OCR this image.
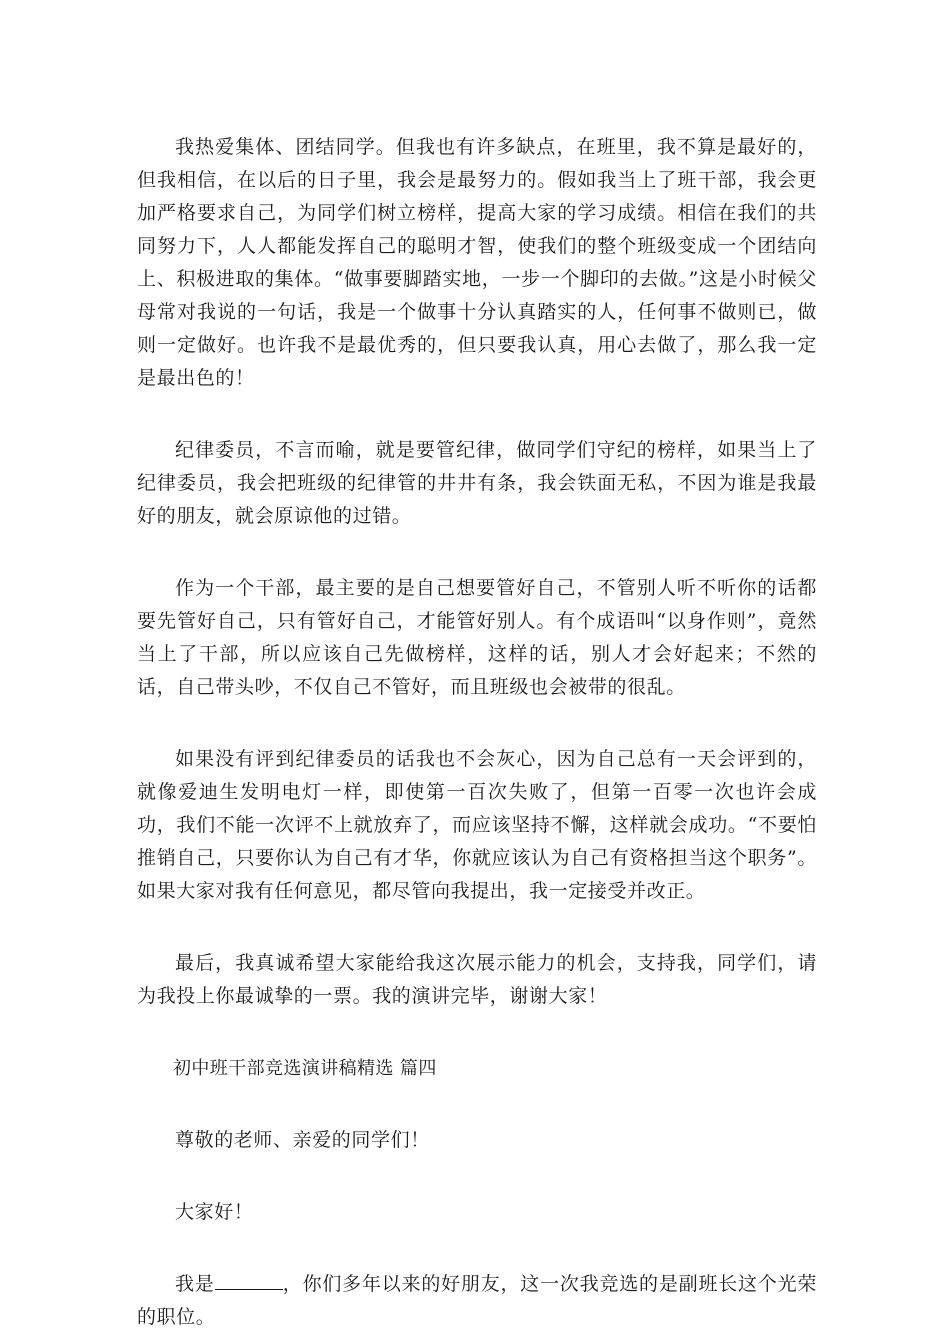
我热爱集体、团结同学。但我也有许多缺点，在班里，我不算是最好的，但我相信，在以后的日子里，我会是最努力的。假如我当上了班干部，我会更加严格要求自己，为同学们树立榜样，提高大家的学习成绩。相信在我们的共同努力下，人人都能发挥自己的聪明才智，使我们的整个班级变成一个团结向上、积极进取的集体。“做事要脚踏实地，一步一个脚印的去做。”这是小时候父母常对我说的一句话，我是一个做事十分认真踏实的人，任何事不做则已，做则一定做好。也许我不是最优秀的，但只要我认真，用心去做了，那么我一定是最出色的！

纪律委员，不言而喻，就是要管纪律，做同学们守纪的榜样，如果当上了纪律委员，我会把班级的纪律管的井井有条，我会铁面无私，不因为谁是我最好的朋友，就会原谅他的过错。

作为一个干部，最主要的是自己想要管好自己，不管别人听不听你的话都要先管好自己，只有管好自己，才能管好别人。有个成语叫“以身作则”，竟然当上了干部，所以应该自己先做榜样，这样的话，别人才会好起来；不然的话，自己带头吵，不仅自己不管好，而且班级也会被带的很乱。

如果没有评到纪律委员的话我也不会灰心，因为自己总有一天会评到的，就像爱迪生发明电灯一样，即使第一百次失败了，但第一百零一次也许会成功，我们不能一次评不上就放弃了，而应该坚持不懈，这样就会成功。“不要怕推销自己，只要你认为自己有才华，你就应该认为自己有资格担当这个职务”。如果大家对我有任何意见，都尽管向我提出，我一定接受并改正。

最后，我真诚希望大家能给我这次展示能力的机会，支持我，同学们，请为我投上你最诚挚的一票。我的演讲完毕，谢谢大家！

初中班干部竞选演讲稿精选 篇四

尊敬的老师、亲爱的同学们！

大家好！

我是	，你们多年以来的好朋友，这一次我竞选的是副班长这个光荣的职位。
